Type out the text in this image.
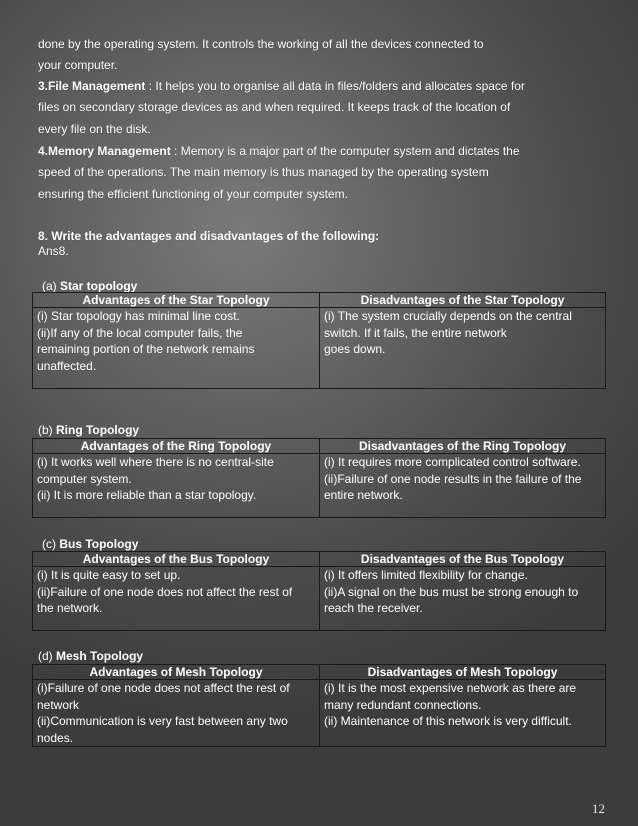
done by the operating system. It controls the working of all the devices connected to
your computer.
3.File Management : It helps you to organise all data in files/folders and allocates space for
files on secondary storage devices as and when required. It keeps track of the location of
every file on the disk.
4.Memory Management : Memory is a major part of the computer system and dictates the
speed of the operations. The main memory is thus managed by the operating system
ensuring the efficient functioning of your computer system.
8. Write the advantages and disadvantages of the following:
Ans8.
(a) Star topology
Advantages of the Star Topology	Disadvantages of the Star Topology

(i) Star topology has minimal line cost.
(ii)If any of the local computer fails, the
remaining portion of the network remains
unaffected.	(i) The system crucially depends on the central
switch. If it fails, the entire network
goes down.
(b) Ring Topology
Advantages of the Ring Topology	Disadvantages of the Ring Topology

(i) It works well where there is no central-site
computer system.
(ii) It is more reliable than a star topology.	(i) It requires more complicated control software.
(ii)Failure of one node results in the failure of the
entire network.
(c) Bus Topology
Advantages of the Bus Topology	Disadvantages of the Bus Topology

(i) It is quite easy to set up.
(ii)Failure of one node does not affect the rest of
the network.	(i) It offers limited flexibility for change.
(ii)A signal on the bus must be strong enough to
reach the receiver.
(d) Mesh Topology
Advantages of Mesh Topology	Disadvantages of Mesh Topology

(i)Failure of one node does not affect the rest of
network
(ii)Communication is very fast between any two
nodes.	(i) It is the most expensive network as there are
many redundant connections.
(ii) Maintenance of this network is very difficult.
12
